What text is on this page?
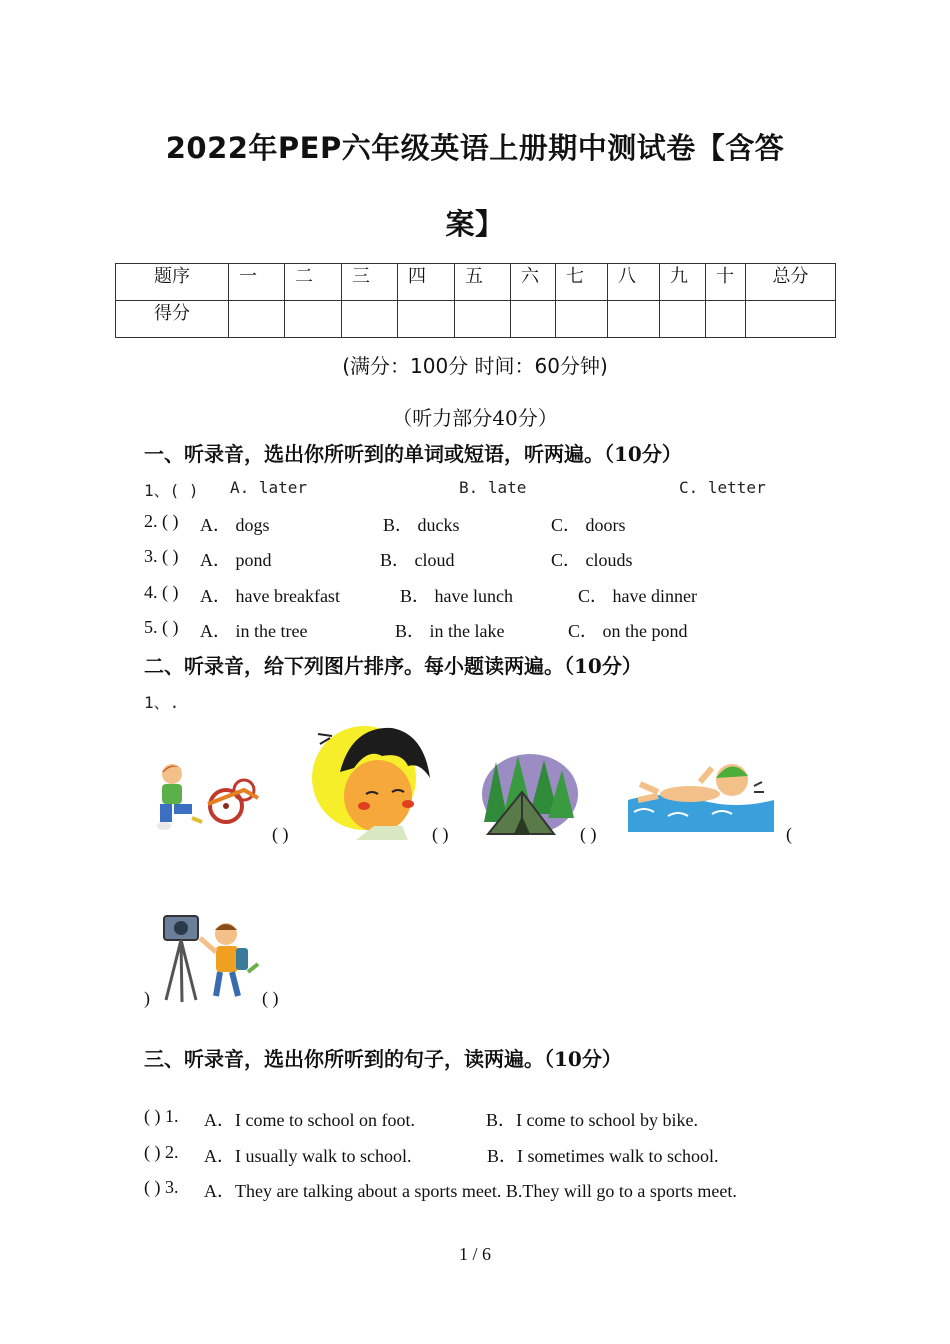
2022年PEP六年级英语上册期中测试卷【含答
案】
题序	一	二	三	四	五	六	七	八	九	十	总分
得分											
(满分：100分 时间：60分钟)
（听力部分40分）
一、听录音，选出你所听到的单词或短语，听两遍。（10分）
1、( ) A. later	B. late	C. letter
2. ( ) A． dogs	B． ducks	C． doors
3. ( ) A． pond	B． cloud	C． clouds
4. ( ) A． have breakfast	B． have lunch	C． have dinner
5. ( ) A． in the tree	B． in the lake	C． on the pond
二、听录音，给下列图片排序。每小题读两遍。（10分）
1、.
( )	( )	( )	(
)	( )
三、听录音，选出你所听到的句子，读两遍。（10分）
( ) 1. A．I come to school on foot.	B．I come to school by bike.
( ) 2. A．I usually walk to school.	B．I sometimes walk to school.
( ) 3. A．They are talking about a sports meet. B.They will go to a sports meet.
1 / 6
